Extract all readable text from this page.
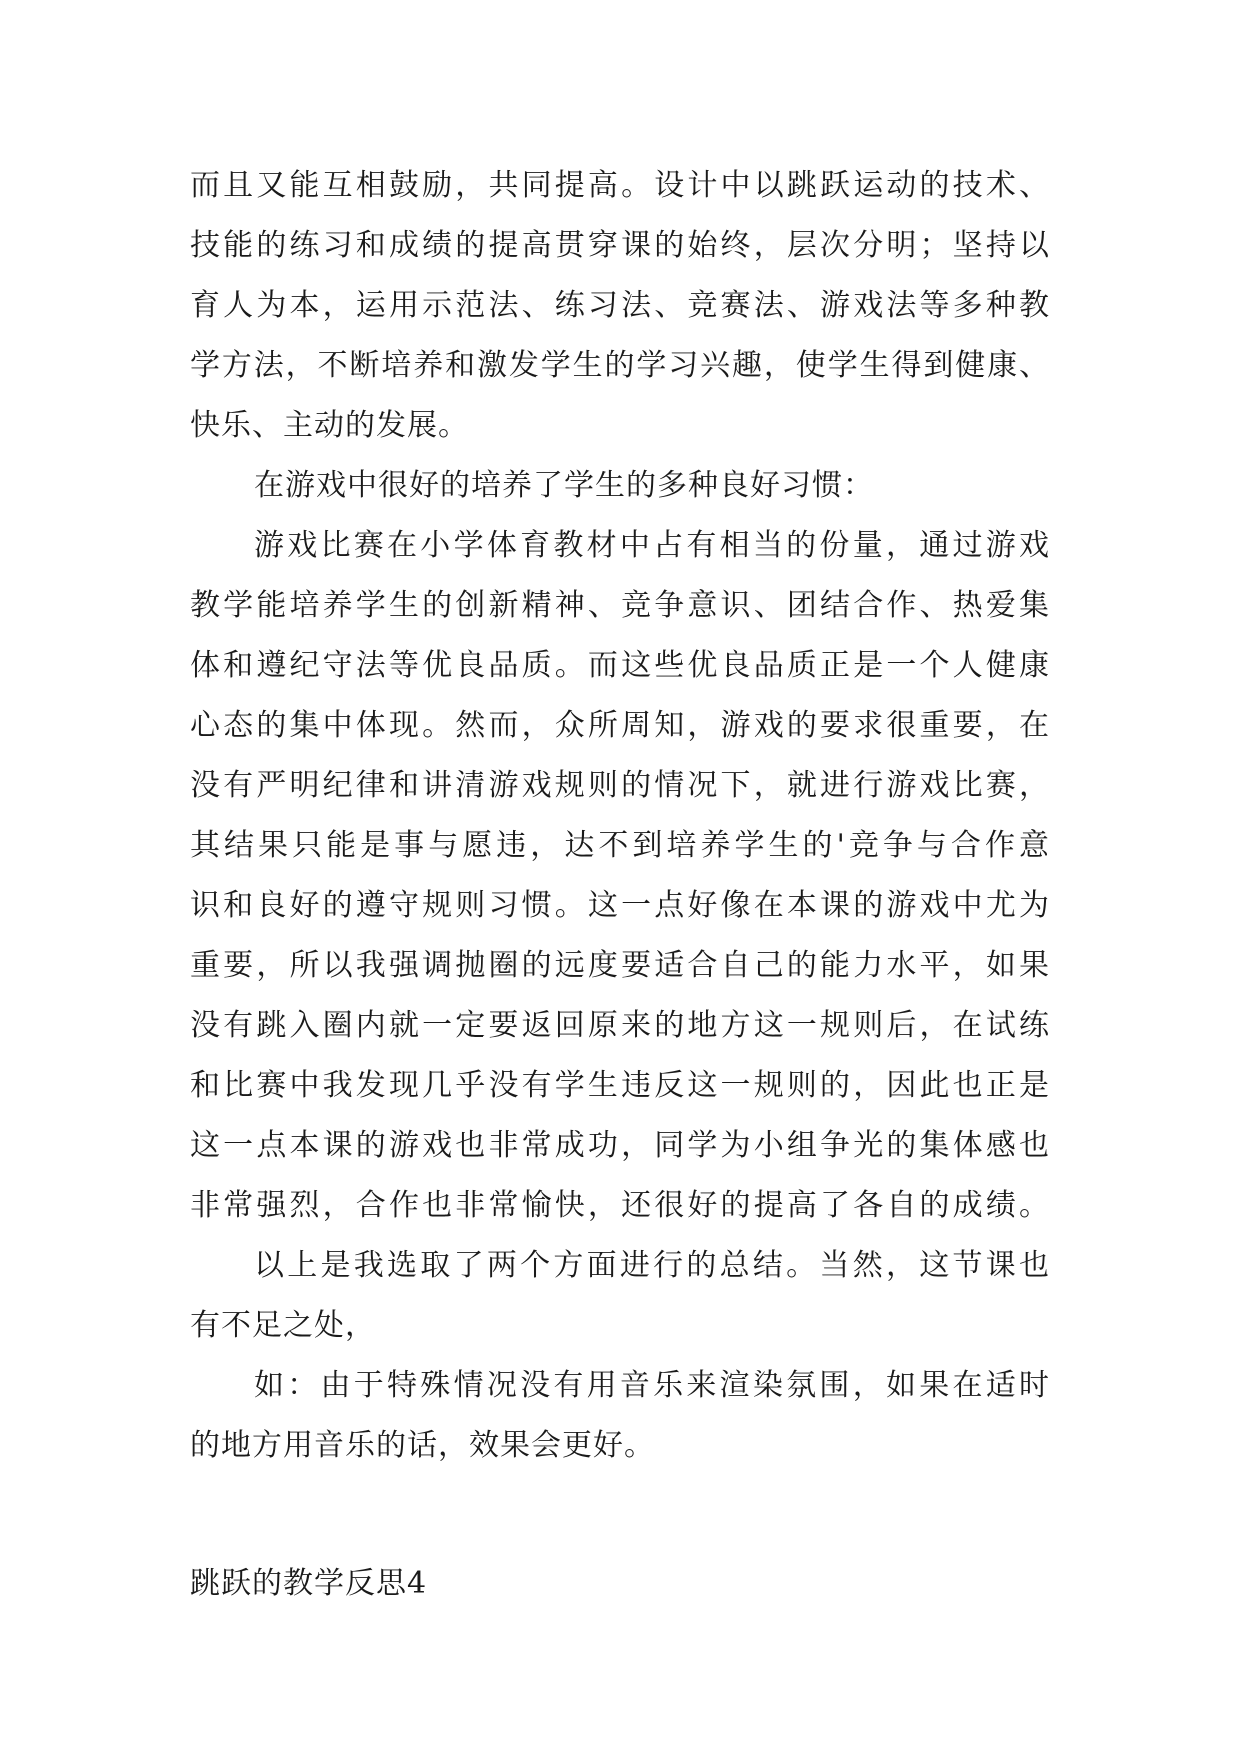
而且又能互相鼓励，共同提高。设计中以跳跃运动的技术、
技能的练习和成绩的提高贯穿课的始终，层次分明；坚持以
育人为本，运用示范法、练习法、竞赛法、游戏法等多种教
学方法，不断培养和激发学生的学习兴趣，使学生得到健康、
快乐、主动的发展。
在游戏中很好的培养了学生的多种良好习惯：
游戏比赛在小学体育教材中占有相当的份量，通过游戏
教学能培养学生的创新精神、竞争意识、团结合作、热爱集
体和遵纪守法等优良品质。而这些优良品质正是一个人健康
心态的集中体现。然而，众所周知，游戏的要求很重要，在
没有严明纪律和讲清游戏规则的情况下，就进行游戏比赛，
其结果只能是事与愿违，达不到培养学生的'竞争与合作意
识和良好的遵守规则习惯。这一点好像在本课的游戏中尤为
重要，所以我强调抛圈的远度要适合自己的能力水平，如果
没有跳入圈内就一定要返回原来的地方这一规则后，在试练
和比赛中我发现几乎没有学生违反这一规则的，因此也正是
这一点本课的游戏也非常成功，同学为小组争光的集体感也
非常强烈，合作也非常愉快，还很好的提高了各自的成绩。
以上是我选取了两个方面进行的总结。当然，这节课也
有不足之处，
如：由于特殊情况没有用音乐来渲染氛围，如果在适时
的地方用音乐的话，效果会更好。
跳跃的教学反思4
